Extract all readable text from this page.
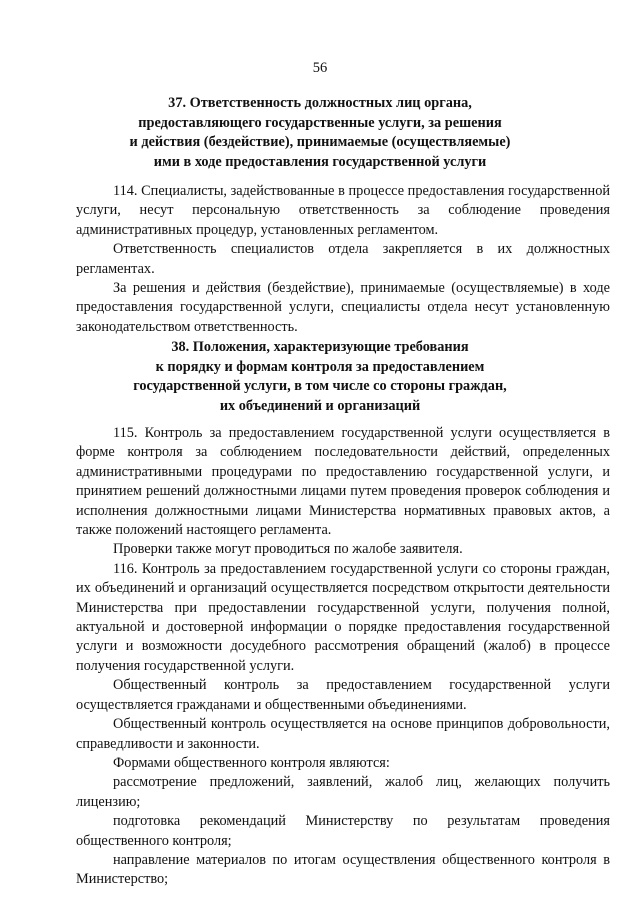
56
37. Ответственность должностных лиц органа,
предоставляющего государственные услуги, за решения
и действия (бездействие), принимаемые (осуществляемые)
ими в ходе предоставления государственной услуги

114. Специалисты, задействованные в процессе предоставления государственной услуги, несут персональную ответственность за соблюдение проведения административных процедур, установленных регламентом.

Ответственность специалистов отдела закрепляется в их должностных регламентах.

За решения и действия (бездействие), принимаемые (осуществляемые) в ходе предоставления государственной услуги, специалисты отдела несут установленную законодательством ответственность.

38. Положения, характеризующие требования
к порядку и формам контроля за предоставлением
государственной услуги, в том числе со стороны граждан,
их объединений и организаций

115. Контроль за предоставлением государственной услуги осуществляется в форме контроля за соблюдением последовательности действий, определенных административными процедурами по предоставлению государственной услуги, и принятием решений должностными лицами путем проведения проверок соблюдения и исполнения должностными лицами Министерства нормативных правовых актов, а также положений настоящего регламента.

Проверки также могут проводиться по жалобе заявителя.

116. Контроль за предоставлением государственной услуги со стороны граждан, их объединений и организаций осуществляется посредством открытости деятельности Министерства при предоставлении государственной услуги, получения полной, актуальной и достоверной информации о порядке предоставления государственной услуги и возможности досудебного рассмотрения обращений (жалоб) в процессе получения государственной услуги.

Общественный контроль за предоставлением государственной услуги осуществляется гражданами и общественными объединениями.

Общественный контроль осуществляется на основе принципов добровольности, справедливости и законности.

Формами общественного контроля являются:

рассмотрение предложений, заявлений, жалоб лиц, желающих получить лицензию;

подготовка рекомендаций Министерству по результатам проведения общественного контроля;

направление материалов по итогам осуществления общественного контроля в Министерство;
